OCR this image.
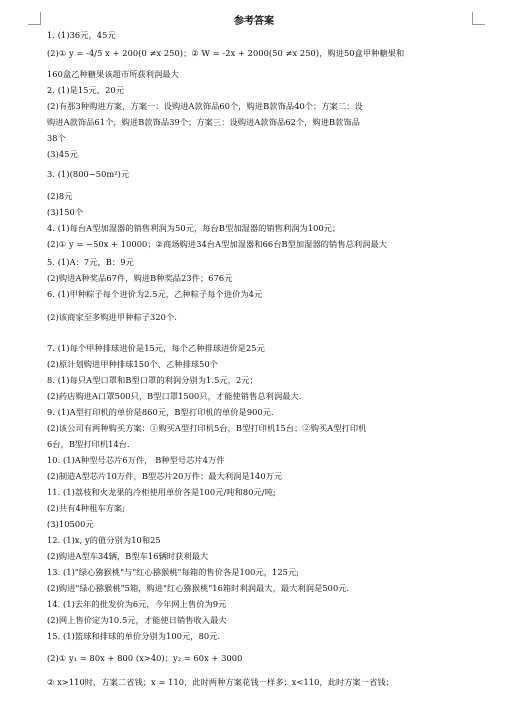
参考答案
1. (1)36元，45元
(2)① y = -4/5 x + 200(0 ≠x 250)；② W = -2x + 2000(50 ≠x 250)，购进50盒甲种糖果和
160盒乙种糖果该超市所获利润最大
2. (1)是15元，20元
(2)有那3种购进方案，方案一：设购进A款饰品60个，购进B款饰品40个；方案二：设
购进A款饰品61个，购进B款饰品39个；方案三：设购进A款饰品62个，购进B款饰品
38个
(3)45元
3. (1)(800−50m²)元
(2)8元
(3)150个
4. (1)每台A型加湿器的销售利润为50元，每台B型加湿器的销售利润为100元；
(2)① y = −50x + 10000；②商场购进34台A型加湿器和66台B型加湿器的销售总利润最大
5. (1)A：7元，B：9元
(2)购进A种奖品67件，购进B种奖品23件；676元
6. (1)甲种粽子每个进价为2.5元，乙种粽子每个进价为4元
(2)该商家至多购进甲种粽子320个.
7. (1)每个甲种排球进价是15元，每个乙种排球进价是25元
(2)原计划购进甲种排球150个、乙种排球50个
8. (1)每只A型口罩和B型口罩的利润分别为1.5元，2元；
(2)药店购进A口罩500只，B型口罩1500只，才能使销售总利润最大.
9. (1)A型打印机的单价是860元，B型打印机的单价是900元.
(2)该公司有两种购买方案：①购买A型打印机5台，B型打印机15台；②购买A型打印机
6台，B型打印机14台.
10. (1)A种型号芯片6万件， B种型号芯片4万件
(2)制造A型芯片10万件，B型芯片20万件；最大利润是140万元
11. (1)荔枝和火龙果的冷柜使用单价各是100元/吨和80元/吨;
(2)共有4种租车方案;
(3)10500元
12. (1)x, y的值分别为10和25
(2)购进A型车34辆，B型车16辆时获利最大
13. (1)"绿心猕猴桃"与"红心猕猴桃"每箱的售价各是100元，125元;
(2)购进"绿心猕猴桃"5箱，购进"红心猕猴桃"16箱时利润最大，最大利润是500元.
14. (1)去年的批发价为6元，今年网上售价为9元
(2)网上售价定为10.5元，才能使日销售收入最大
15. (1)篮球和排球的单价分别为100元，80元.
(2)① y₁ = 80x + 800 (x>40)；y₂ = 60x + 3000
② x>110时，方案二省钱；x = 110，此时两种方案花钱一样多；x<110，此时方案一省钱；
